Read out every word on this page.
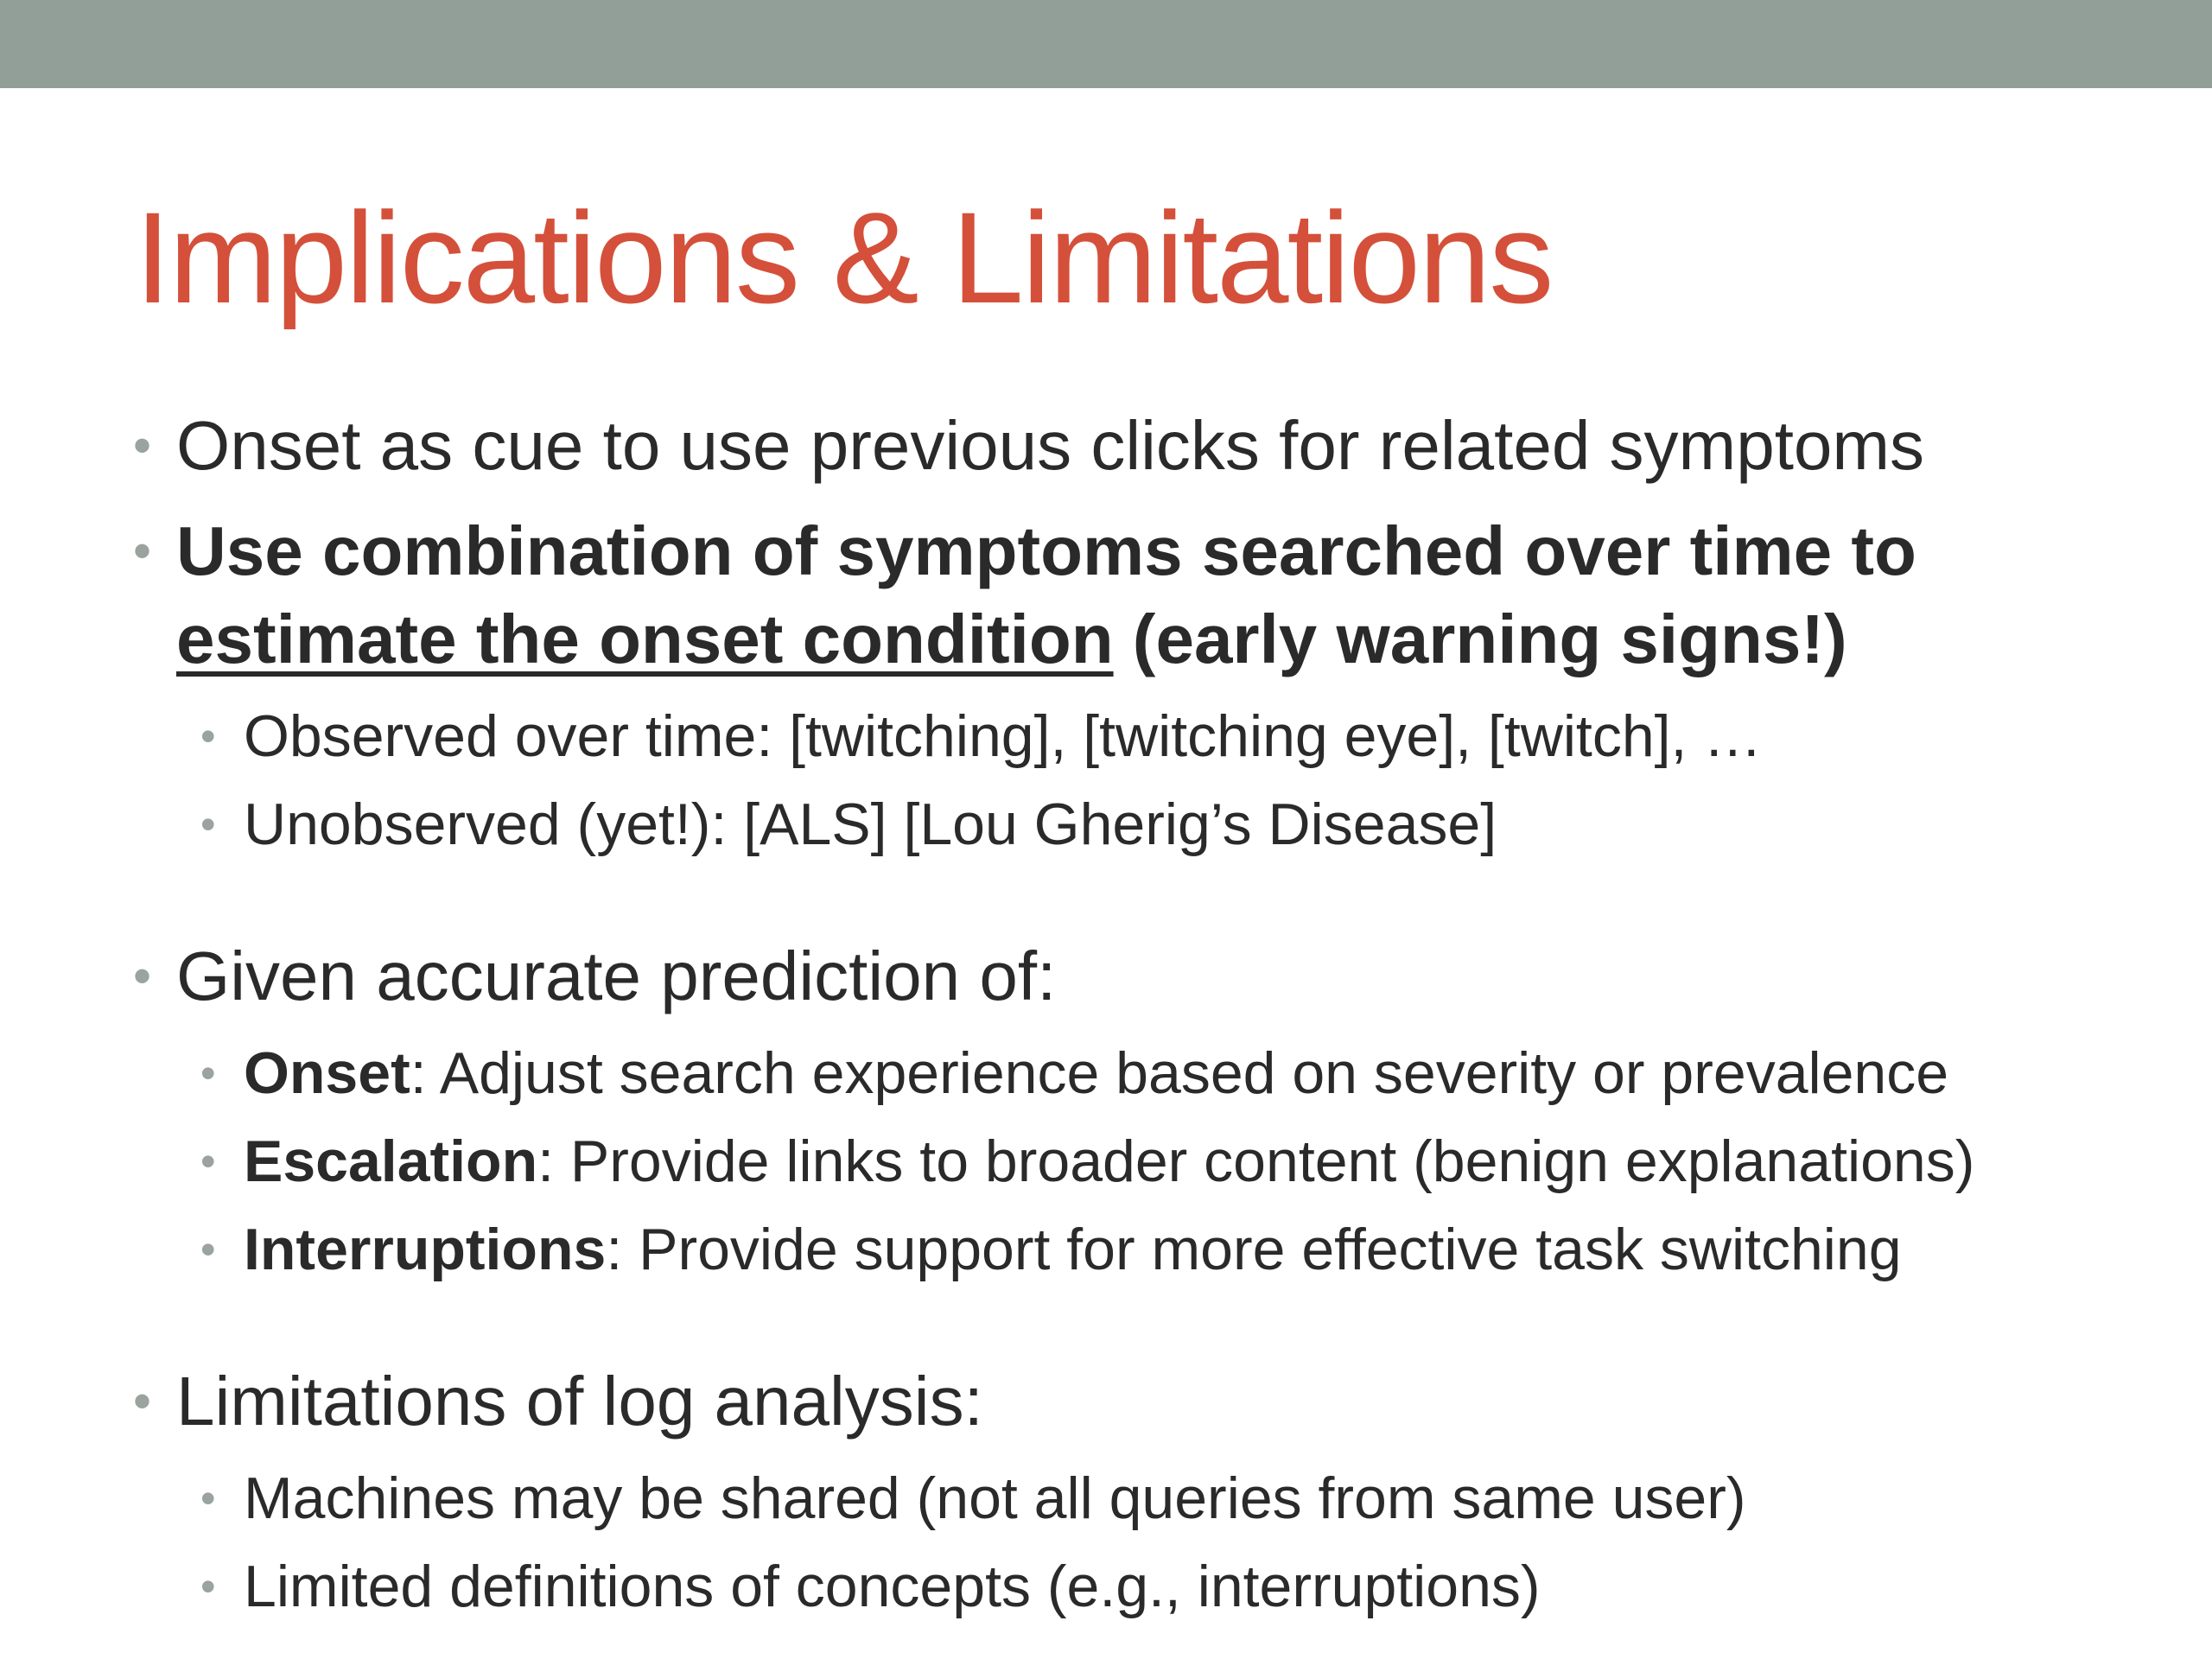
Implications & Limitations
• Onset as cue to use previous clicks for related symptoms
• Use combination of symptoms searched over time to
estimate the onset condition (early warning signs!)
• Observed over time: [twitching], [twitching eye], [twitch], …
• Unobserved (yet!): [ALS] [Lou Gherig’s Disease]
• Given accurate prediction of:
• Onset: Adjust search experience based on severity or prevalence
• Escalation: Provide links to broader content (benign explanations)
• Interruptions: Provide support for more effective task switching
• Limitations of log analysis:
• Machines may be shared (not all queries from same user)
• Limited definitions of concepts (e.g., interruptions)
